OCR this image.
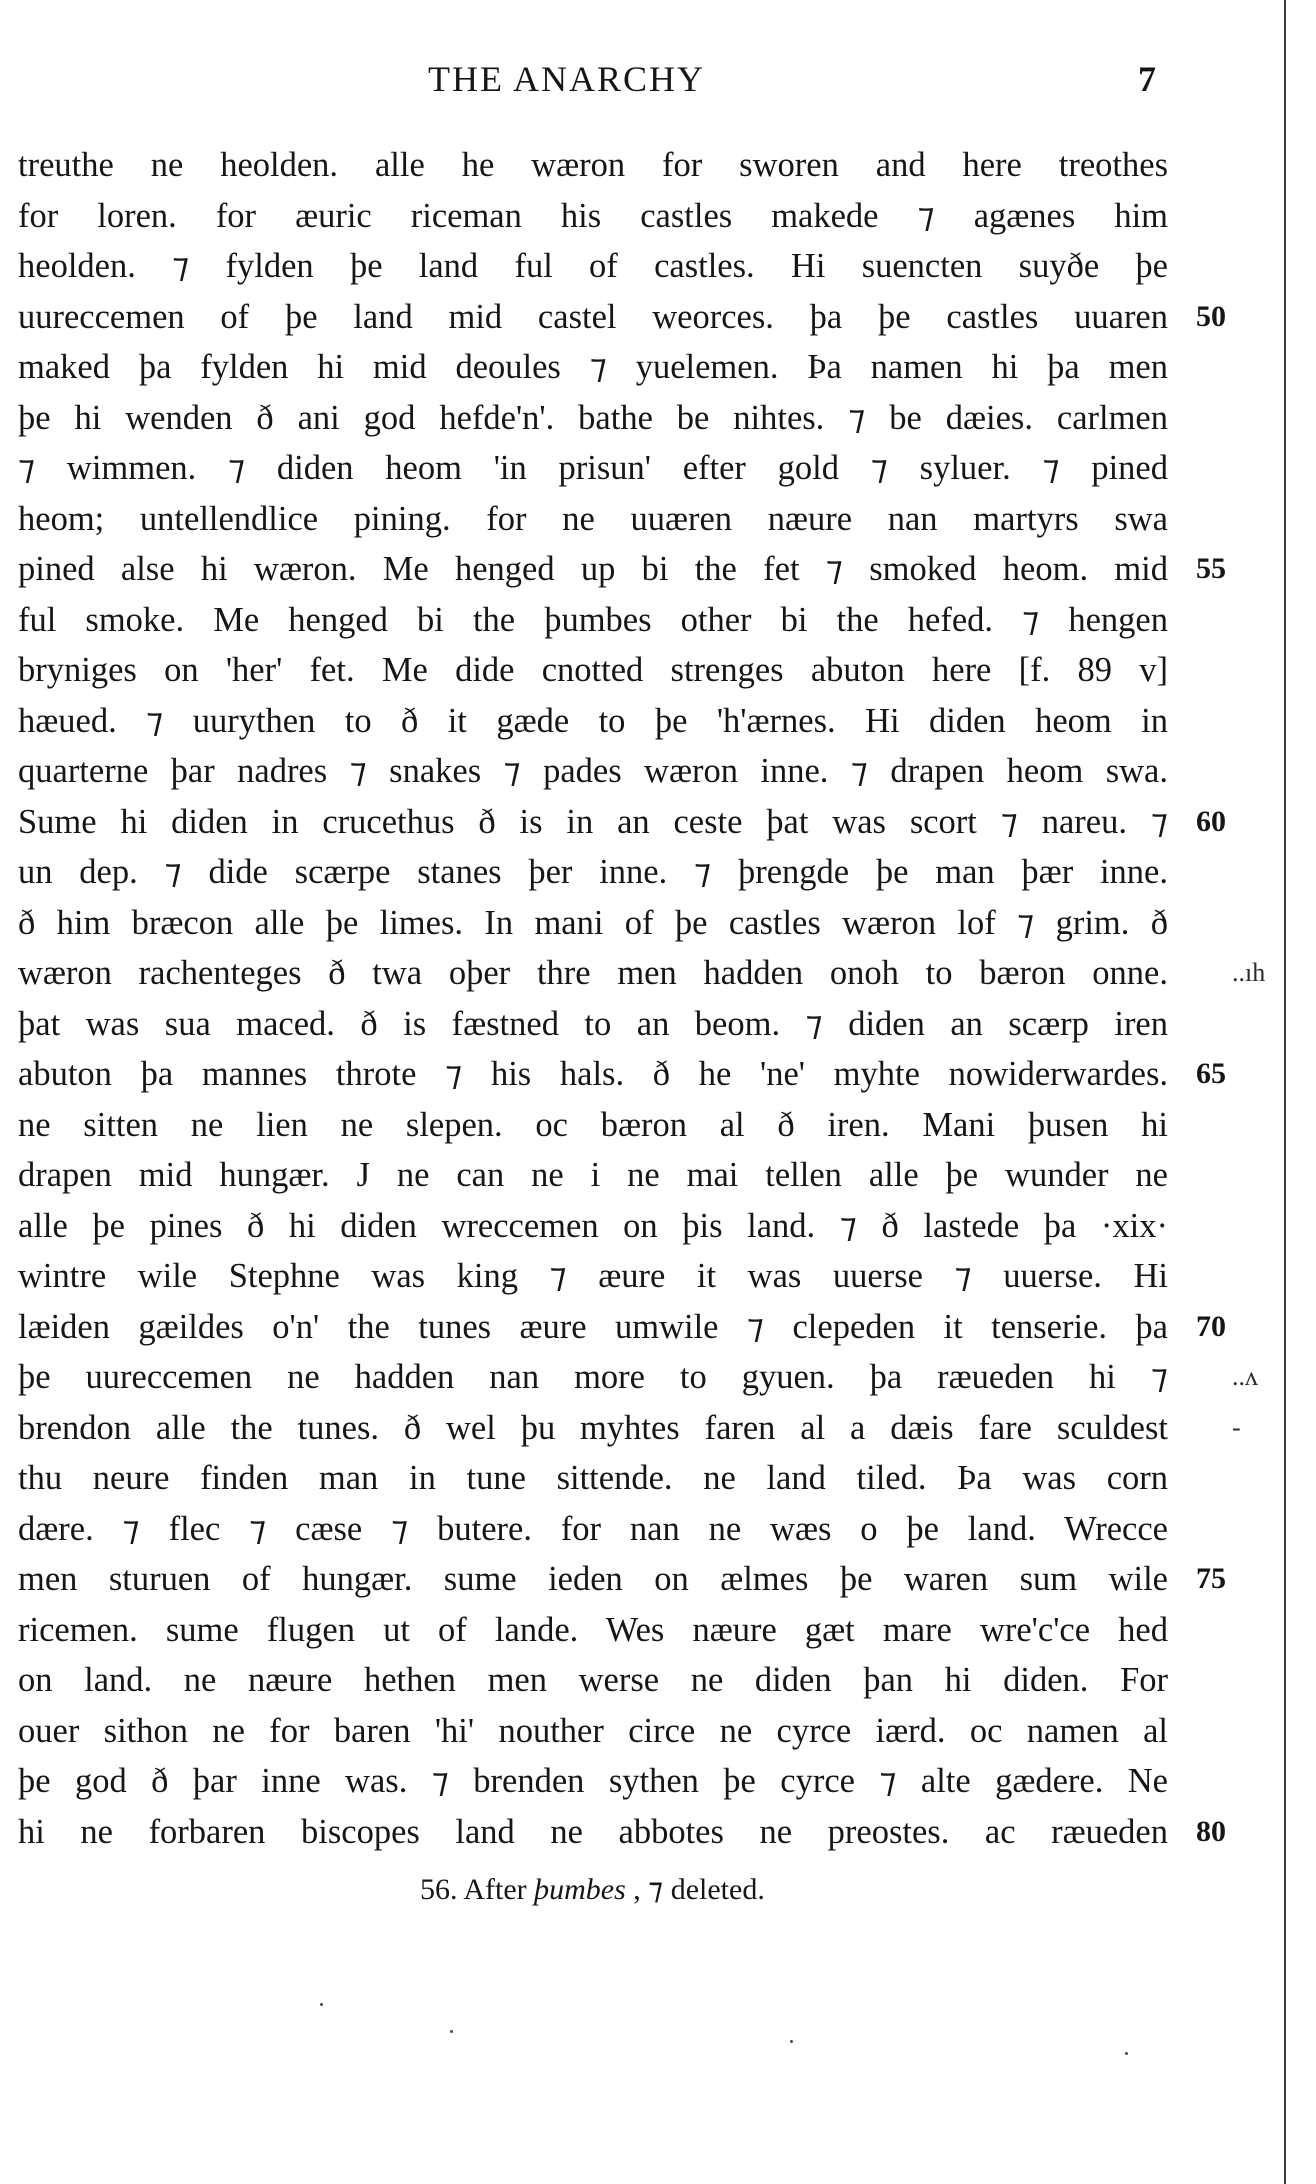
THE ANARCHY	7
treuthe ne heolden. alle he wæron for sworen and here treothes
for loren. for æuric riceman his castles makede ⁊ agænes him
heolden. ⁊ fylden þe land ful of castles. Hi suencten suyðe þe
uureccemen of þe land mid castel weorces. þa þe castles uuaren
maked þa fylden hi mid deoules ⁊ yuelemen. Þa namen hi þa men
þe hi wenden ð ani god hefde'n'. bathe be nihtes. ⁊ be dæies. carlmen
⁊ wimmen. ⁊ diden heom 'in prisun' efter gold ⁊ syluer. ⁊ pined
heom; untellendlice pining. for ne uuæren næure nan martyrs swa
pined alse hi wæron. Me henged up bi the fet ⁊ smoked heom. mid
ful smoke. Me henged bi the þumbes other bi the hefed. ⁊ hengen
bryniges on 'her' fet. Me dide cnotted strenges abuton here [f. 89 v]
hæued. ⁊ uurythen to ð it gæde to þe 'h'ærnes. Hi diden heom in
quarterne þar nadres ⁊ snakes ⁊ pades wæron inne. ⁊ drapen heom swa.
Sume hi diden in crucethus ð is in an ceste þat was scort ⁊ nareu. ⁊
un dep. ⁊ dide scærpe stanes þer inne. ⁊ þrengde þe man þær inne.
ð him bræcon alle þe limes. In mani of þe castles wæron lof ⁊ grim. ð
wæron rachenteges ð twa oþer thre men hadden onoh to bæron onne.
þat was sua maced. ð is fæstned to an beom. ⁊ diden an scærp iren
abuton þa mannes throte ⁊ his hals. ð he 'ne' myhte nowiderwardes.
ne sitten ne lien ne slepen. oc bæron al ð iren. Mani þusen hi
drapen mid hungær. J ne can ne i ne mai tellen alle þe wunder ne
alle þe pines ð hi diden wreccemen on þis land. ⁊ ð lastede þa ·xix·
wintre wile Stephne was king ⁊ æure it was uuerse ⁊ uuerse. Hi
læiden gæildes o'n' the tunes æure umwile ⁊ clepeden it tenserie. þa
þe uureccemen ne hadden nan more to gyuen. þa ræueden hi ⁊
brendon alle the tunes. ð wel þu myhtes faren al a dæis fare sculdest
thu neure finden man in tune sittende. ne land tiled. Þa was corn
dære. ⁊ flec ⁊ cæse ⁊ butere. for nan ne wæs o þe land. Wrecce
men sturuen of hungær. sume ieden on ælmes þe waren sum wile
ricemen. sume flugen ut of lande. Wes næure gæt mare wre'c'ce hed
on land. ne næure hethen men werse ne diden þan hi diden. For
ouer sithon ne for baren 'hi' nouther circe ne cyrce iærd. oc namen al
þe god ð þar inne was. ⁊ brenden sythen þe cyrce ⁊ alte gædere. Ne
hi ne forbaren biscopes land ne abbotes ne preostes. ac ræueden
50
55
60
65
70
75
80
56. After þumbes , ⁊ deleted.
..ıh
..ʌ
-
